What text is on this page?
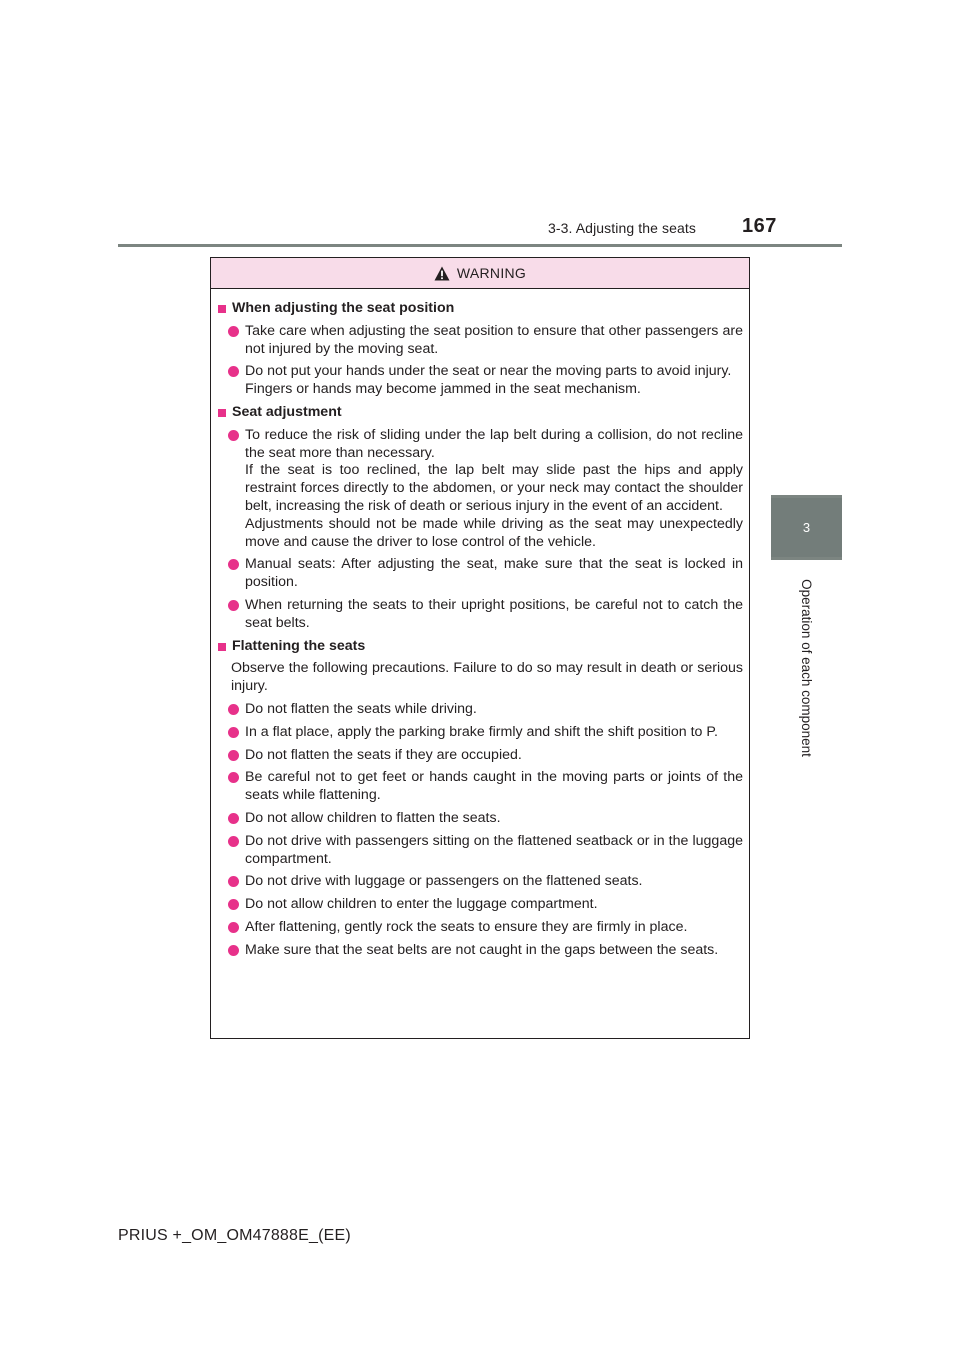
3-3. Adjusting the seats 167
3
Operation of each component
WARNING
When adjusting the seat position
Take care when adjusting the seat position to ensure that other passengers are not injured by the moving seat.
Do not put your hands under the seat or near the moving parts to avoid injury.
Fingers or hands may become jammed in the seat mechanism.
Seat adjustment
To reduce the risk of sliding under the lap belt during a collision, do not recline the seat more than necessary.
If the seat is too reclined, the lap belt may slide past the hips and apply restraint forces directly to the abdomen, or your neck may contact the shoulder belt, increasing the risk of death or serious injury in the event of an accident.
Adjustments should not be made while driving as the seat may unexpectedly move and cause the driver to lose control of the vehicle.
Manual seats: After adjusting the seat, make sure that the seat is locked in position.
When returning the seats to their upright positions, be careful not to catch the seat belts.
Flattening the seats
Observe the following precautions. Failure to do so may result in death or serious injury.
Do not flatten the seats while driving.
In a flat place, apply the parking brake firmly and shift the shift position to P.
Do not flatten the seats if they are occupied.
Be careful not to get feet or hands caught in the moving parts or joints of the seats while flattening.
Do not allow children to flatten the seats.
Do not drive with passengers sitting on the flattened seatback or in the luggage compartment.
Do not drive with luggage or passengers on the flattened seats.
Do not allow children to enter the luggage compartment.
After flattening, gently rock the seats to ensure they are firmly in place.
Make sure that the seat belts are not caught in the gaps between the seats.
PRIUS +_OM_OM47888E_(EE)
